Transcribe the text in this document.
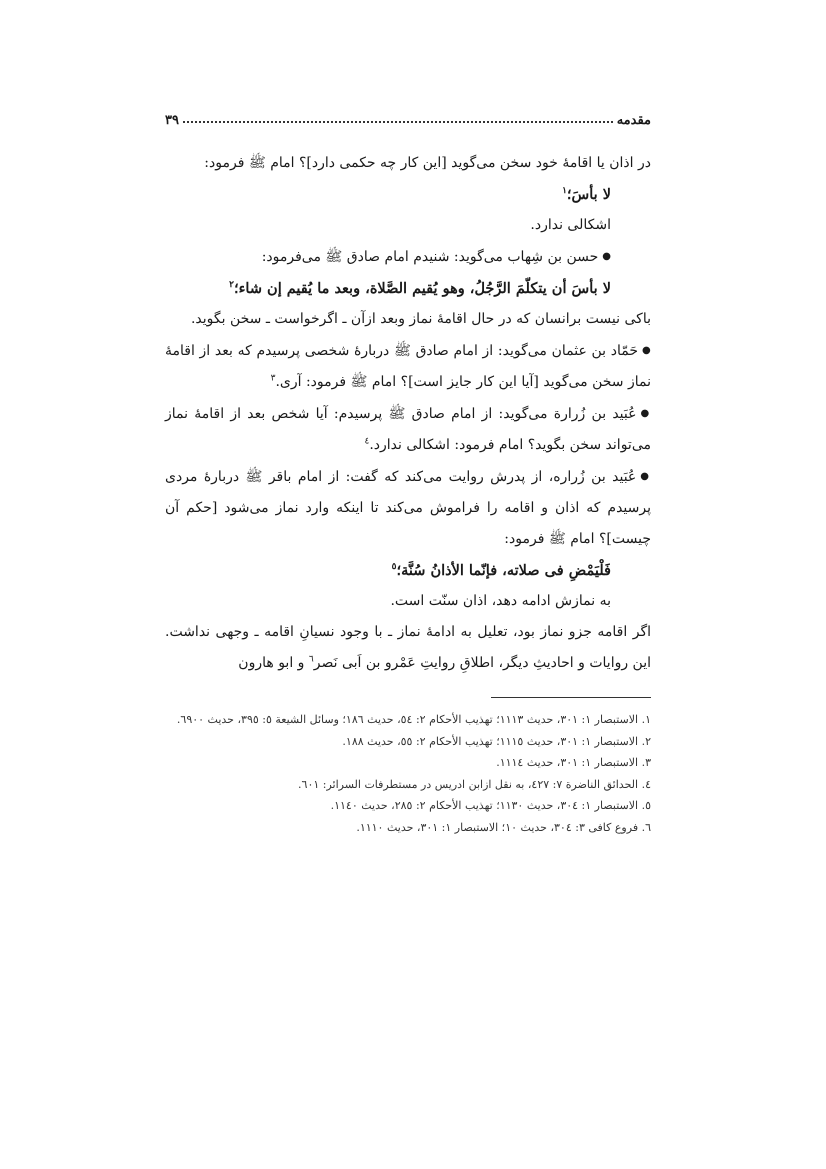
مقدمه
٣٩

در اذان يا اقامهٔ خود سخن مى‌گويد [اين كار چه حكمى دارد]؟ امام ﷺ فرمود:

لا بأسَ؛$^١$

اشكالى ندارد.

● حسن بن شِهاب مى‌گويد: شنيدم امام صادق ﷺ مى‌فرمود:

لا بأسَ أن يتكلّمَ الرَّجُلُ، وهو يُقيم الصَّلاة، وبعد ما يُقيم إن شاء؛$^٢$

باكى نيست برانسان كه در حال اقامهٔ نماز وبعد ازآن ـ اگرخواست ـ سخن بگويد.

● حَمّاد بن عثمان مى‌گويد: از امام صادق ﷺ دربارهٔ شخصى پرسيدم كه بعد از اقامهٔ نماز سخن مى‌گويد [آيا اين كار جايز است]؟ امام ﷺ فرمود: آرى.$^٣$

● عُبَيد بن زُرارة مى‌گويد: از امام صادق ﷺ پرسيدم: آيا شخص بعد از اقامهٔ نماز مى‌تواند سخن بگويد؟ امام فرمود: اشكالى ندارد.$^٤$

● عُبَيد بن زُراره، از پدرش روايت مى‌كند كه گفت: از امام باقر ﷺ دربارهٔ مردى پرسيدم كه اذان و اقامه را فراموش مى‌كند تا اينكه وارد نماز مى‌شود [حكم آن چيست]؟ امام ﷺ فرمود:

فَلْيَمْضِ فى صلاته، فإنّما الأذانُ سُنَّة؛$^٥$

به نمازش ادامه دهد، اذان سنّت است.

اگر اقامه جزو نماز بود، تعليل به ادامهٔ نماز ـ با وجود نسيانِ اقامه ـ وجهى نداشت. اين روايات و احاديثِ ديگر، اطلاقِ روايتِ عَمْرو بن اَبى نَصر$^٦$ و ابو هارون

١. الاستبصار ١: ٣٠١، حديث ١١١٣؛ تهذيب الأحكام ٢: ٥٤، حديث ١٨٦؛ وسائل الشيعة ٥: ٣٩٥، حديث ٦٩٠٠.

٢. الاستبصار ١: ٣٠١، حديث ١١١٥؛ تهذيب الأحكام ٢: ٥٥، حديث ١٨٨.

٣. الاستبصار ١: ٣٠١، حديث ١١١٤.

٤. الحدائق الناضرة ٧: ٤٢٧، به نقل ازابن ادريس در مستطرفات السرائر: ٦٠١.

٥. الاستبصار ١: ٣٠٤، حديث ١١٣٠؛ تهذيب الأحكام ٢: ٢٨٥، حديث ١١٤٠.

٦. فروع كافى ٣: ٣٠٤، حديث ١٠؛ الاستبصار ١: ٣٠١، حديث ١١١٠.
